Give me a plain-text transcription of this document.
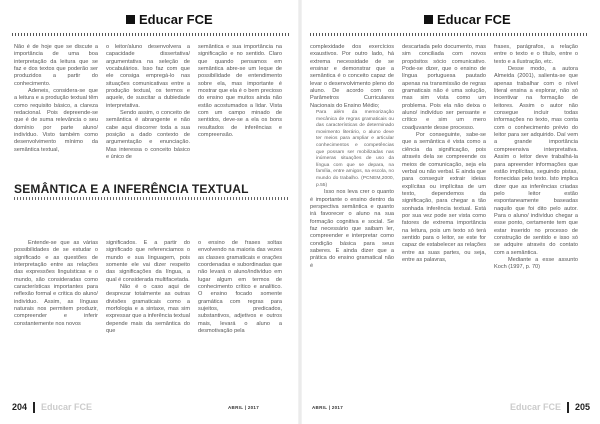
Educar FCE

Não é de hoje que se discute a importância de uma boa interpretação da leitura que se faz e dos textos que poderão ser produzidos a partir do conhecimento.

Adeneis, considera-se que a leitura e a produção textual têm como requisito básico, a clareza redacional. Pois depreende-se que é de suma relevância o seu domínio por parte aluno/ indivíduo. Visto também como desenvolvimento mínimo da semântica textual,

o leitor/aluno desenvolvera a capacidade dissertativa/ argumentativa na seleção de vocabulários. Isso faz com que ele consiga empregá-lo nas situações comunicativas entre a produção textual, os termos e aquele, de suscitar a dubiedade interpretativa.

Sendo assim, o conceito de semântica é abrangente e não cabe aqui discorrer toda a sua posição a dado contexto de argumentação e enunciação. Mas interessa o conceito básico e único de

semântica e sua importância na significação e no sentido. Claro que quando pensamos em semântica abre-se um leque de possibilidade de entendimento sobre ela, mas importante é mostrar que ela é o bem precioso do ensino que muitos ainda não estão acostumados a lidar. Vista com um campo minado de sentidos, deve-se a ela os bons resultados de inferências e compreensão.

SEMÂNTICA E A INFERÊNCIA TEXTUAL

Entende-se que as várias possibilidades de se estudar o significado e as questões de interpretação entre as relações das expressões linguísticas e o mundo, são consideradas como características importantes para reflexão formal e critica do aluno/ indivíduo. Assim, as línguas naturais nos permitem produzir, compreender e inferir constantemente nos novos

significados. É a partir do significado que referenciamos o mundo e sua linguagem, pois somente ele vai dizer respeito das significações da língua, a qual é considerada multifacetada.

Não é o caso aqui de desprezar totalmente as outras divisões gramaticais como a morfologia e a sintaxe, mas sim expressar que a inferência textual depende mais da semântica do que

o ensino de frases soltas envolvendo na maioria das vezes as classes gramaticais e orações coordenadas e subordinadas que não levará o aluno/indivíduo em lugar algum em termos de conhecimento crítico e analítico. O ensino focado somente gramática com regras para sujeitos, predicados, substantivos, adjetivos e outros mais, levará o aluno a desmotivação pela

204 Educar FCE	ABRIL | 2017
Educar FCE

complexidade dos exercícios exaustivos. Por outro lado, há extrema necessidade de se ensinar e demonstrar que a semântica é o conceito capaz de levar o desenvolvimento pleno do aluno. De acordo com os Parâmetros Curriculares Nacionais do Ensino Médio;

Para além da memorização mecânica de regras gramaticais ou das características de determinado movimento literário, o aluno deve ter meios para ampliar e articular conhecimentos e competências que possam ser mobilizadas nas inúmeras situações de uso da língua com que se depara, na família, entre amigos, na escola, no mundo do trabalho. (PCNEM,2000, p.55)

Isso nos leva crer o quanto é importante o ensino dentro da perspectiva semântica e quanto irá favorecer o aluno na sua formação cognitiva e social. Se faz necessário que saibam ler, compreender e interpretar como condição básica para seus saberes. E ainda dizer que a prática do ensino gramatical não é

descartada pelo documento, mas sim conciliada com novos propósitos sócio comunicativo. Pode-se dizer, que o ensino de língua portuguesa pautado apenas na transmissão de regras gramaticais não é uma solução, mas sim vista como um problema. Pois ela não deixa o aluno/ indivíduo ser pensante e crítico e sim um mero coadjuvante desse processo.

Por conseguinte, sabe-se que a semântica é vista como a ciência da significação, pois através dela se compreende os meios de comunicação, seja ela verbal ou não verbal. E ainda que para conseguir extrair ideias explícitas ou implícitas de um texto, dependemos da significação, para chegar a tão sonhada inferência textual. Está por sua vez pode ser vista como fatores de extrema importância na leitura, pois um texto só terá sentido para o leitor, se este for capaz de estabelecer as relações entre as suas partes, ou seja, entre as palavras,

frases, parágrafos, a relação entre o texto e o título, entre o texto e a ilustração, etc.

Desse modo, a autora Almeida (2001), salienta-se que apenas trabalhar com o nível literal ensina a explorar, não só incentivar na formação de leitores. Assim o autor não consegue incluir todas informações no texto, mas conta com o conhecimento prévio do leitor para ser adquirido. Daí vem a grande importância compreensiva interpretativa. Assim o leitor deve trabalhá-la para apreender informações que estão implícitas, seguindo pistas, fornecidas pelo texto. Isto implica dizer que as inferências criadas pelo leitor estão espontaneamente baseadas naquilo que foi dito pelo autor. Para o aluno/ indivíduo chegar a esse ponto, certamente tem que estar inserido no processo de construção de sentido e isso só se adquire através do contato com a semântica.

Mediante a esse assunto Koch (1997, p. 70)

ABRIL | 2017	Educar FCE 205
